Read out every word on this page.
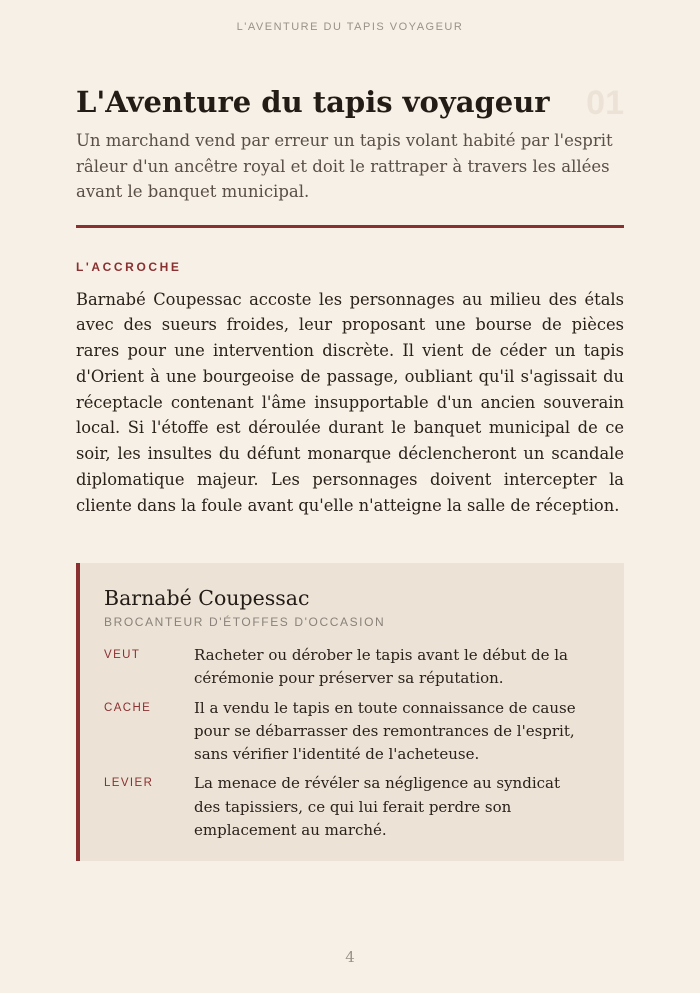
L'AVENTURE DU TAPIS VOYAGEUR
L'Aventure du tapis voyageur	01

Un marchand vend par erreur un tapis volant habité par l'esprit râleur d'un ancêtre royal et doit le rattraper à travers les allées avant le banquet municipal.

L'ACCROCHE
Barnabé Coupessac accoste les personnages au milieu des étals avec des sueurs froides, leur proposant une bourse de pièces rares pour une intervention discrète. Il vient de céder un tapis d'Orient à une bourgeoise de passage, oubliant qu'il s'agissait du réceptacle contenant l'âme insupportable d'un ancien souverain local. Si l'étoffe est déroulée durant le banquet municipal de ce soir, les insultes du défunt monarque déclencheront un scandale diplomatique majeur. Les personnages doivent intercepter la cliente dans la foule avant qu'elle n'atteigne la salle de réception.
Barnabé Coupessac
BROCANTEUR D'ÉTOFFES D'OCCASION
VEUT	Racheter ou dérober le tapis avant le début de la cérémonie pour préserver sa réputation.
CACHE	Il a vendu le tapis en toute connaissance de cause pour se débarrasser des remontrances de l'esprit, sans vérifier l'identité de l'acheteuse.
LEVIER	La menace de révéler sa négligence au syndicat des tapissiers, ce qui lui ferait perdre son emplacement au marché.
4
